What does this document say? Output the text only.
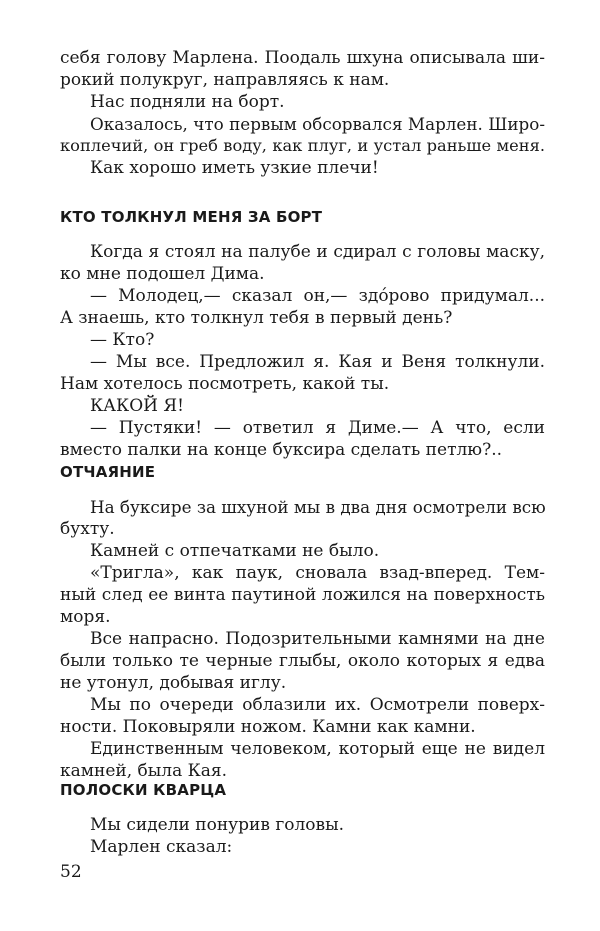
себя голову Марлена. Поодаль шхуна описывала ши-

рокий полукруг, направляясь к нам.

Нас подняли на борт.

Оказалось, что первым обсорвался Марлен. Широ-

коплечий, он греб воду, как плуг, и устал раньше меня.

Как хорошо иметь узкие плечи!

КТО ТОЛКНУЛ МЕНЯ ЗА БОРТ

Когда я стоял на палубе и сдирал с головы маску,

ко мне подошел Дима.

— Молодец,— сказал он,— здóрово придумал...

А знаешь, кто толкнул тебя в первый день?

— Кто?

— Мы все. Предложил я. Кая и Веня толкнули.

Нам хотелось посмотреть, какой ты.

КАКОЙ Я!

— Пустяки! — ответил я Диме.— А что, если

вместо палки на конце буксира сделать петлю?..

ОТЧАЯНИЕ

На буксире за шхуной мы в два дня осмотрели всю

бухту.

Камней с отпечатками не было.

«Тригла», как паук, сновала взад-вперед. Тем-

ный след ее винта паутиной ложился на поверхность

моря.

Все напрасно. Подозрительными камнями на дне

были только те черные глыбы, около которых я едва

не утонул, добывая иглу.

Мы по очереди облазили их. Осмотрели поверх-

ности. Поковыряли ножом. Камни как камни.

Единственным человеком, который еще не видел

камней, была Кая.

ПОЛОСКИ КВАРЦА

Мы сидели понурив головы.

Марлен сказал:

52
